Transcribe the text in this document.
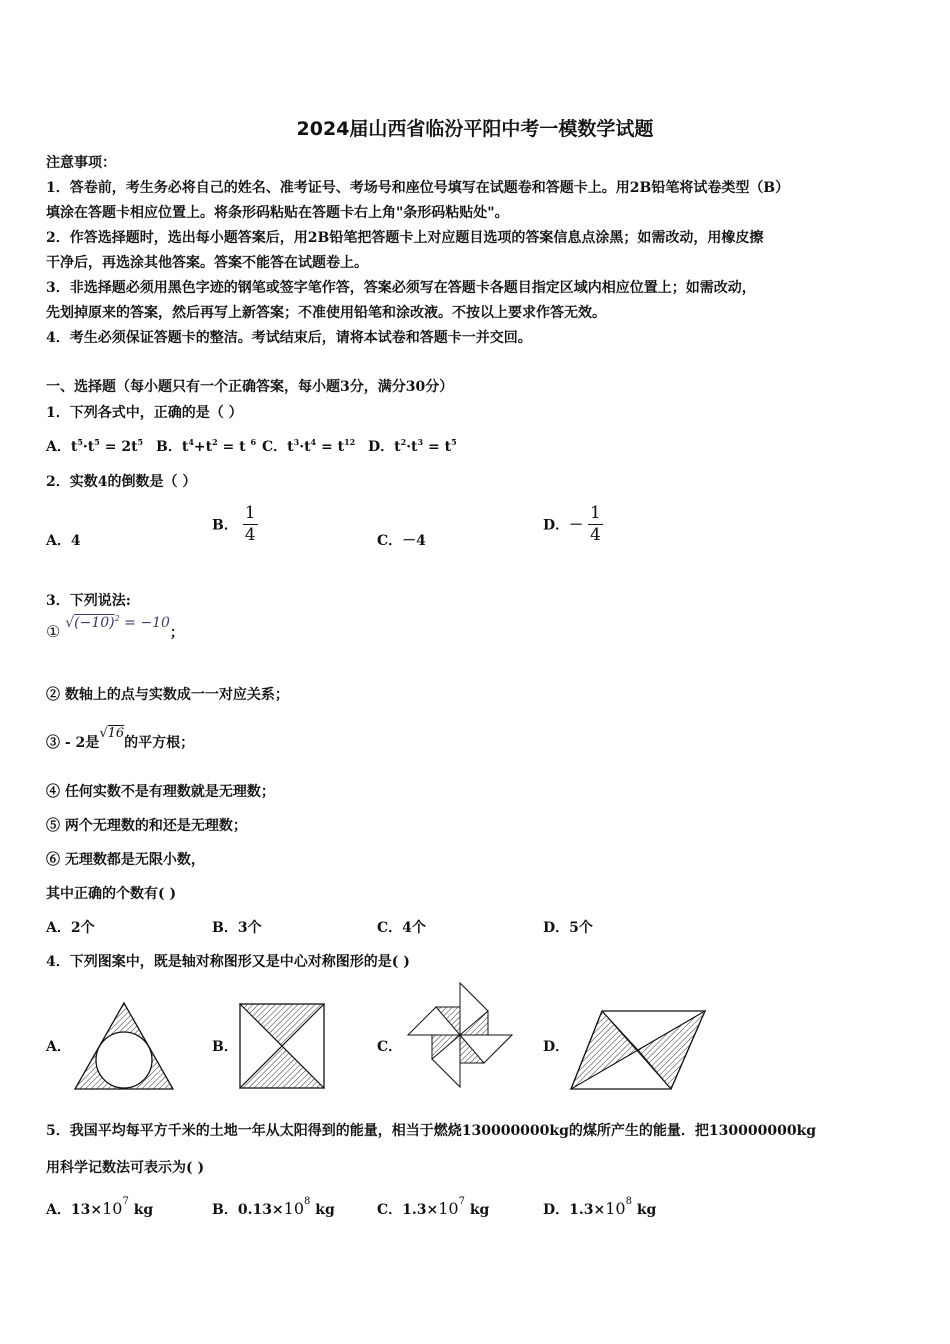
2024届山西省临汾平阳中考一模数学试题
注意事项：
1．答卷前，考生务必将自己的姓名、准考证号、考场号和座位号填写在试题卷和答题卡上。用2B铅笔将试卷类型（B）
填涂在答题卡相应位置上。将条形码粘贴在答题卡右上角"条形码粘贴处"。
2．作答选择题时，选出每小题答案后，用2B铅笔把答题卡上对应题目选项的答案信息点涂黑；如需改动，用橡皮擦
干净后，再选涂其他答案。答案不能答在试题卷上。
3．非选择题必须用黑色字迹的钢笔或签字笔作答，答案必须写在答题卡各题目指定区域内相应位置上；如需改动，
先划掉原来的答案，然后再写上新答案；不准使用铅笔和涂改液。不按以上要求作答无效。
4．考生必须保证答题卡的整洁。考试结束后，请将本试卷和答题卡一并交回。
一、选择题（每小题只有一个正确答案，每小题3分，满分30分）
1．下列各式中，正确的是（ ）
A．$t^5\cdot t^5 = 2t^5$ B．$t^4+t^2 = t$ $^6$ C．$t^3\cdot t^4 = t^{12}$ D．$t^2\cdot t^3 = t^5$
2．实数4的倒数是（ ）
A．4
B． $\frac{1}{4}$	C．－4
D．－ $\frac{1}{4}$
3．下列说法:
① $√(-10)^2 = -10$；
② 数轴上的点与实数成一一对应关系；
③ - 2是√16的平方根；
④ 任何实数不是有理数就是无理数；
⑤ 两个无理数的和还是无理数；
⑥ 无理数都是无限小数，
其中正确的个数有( )
A．2个	B．3个	C．4个	D．5个
4．下列图案中，既是轴对称图形又是中心对称图形的是( )
A．	B．	C．	D．
5．我国平均每平方千米的土地一年从太阳得到的能量，相当于燃烧130000000kg的煤所产生的能量．把130000000kg
用科学记数法可表示为( )
A．$13\times 10^7$ kg	B．$0.13\times 10^8$ kg	C．$1.3\times 10^7$ kg	D．$1.3\times 10^8$ kg
